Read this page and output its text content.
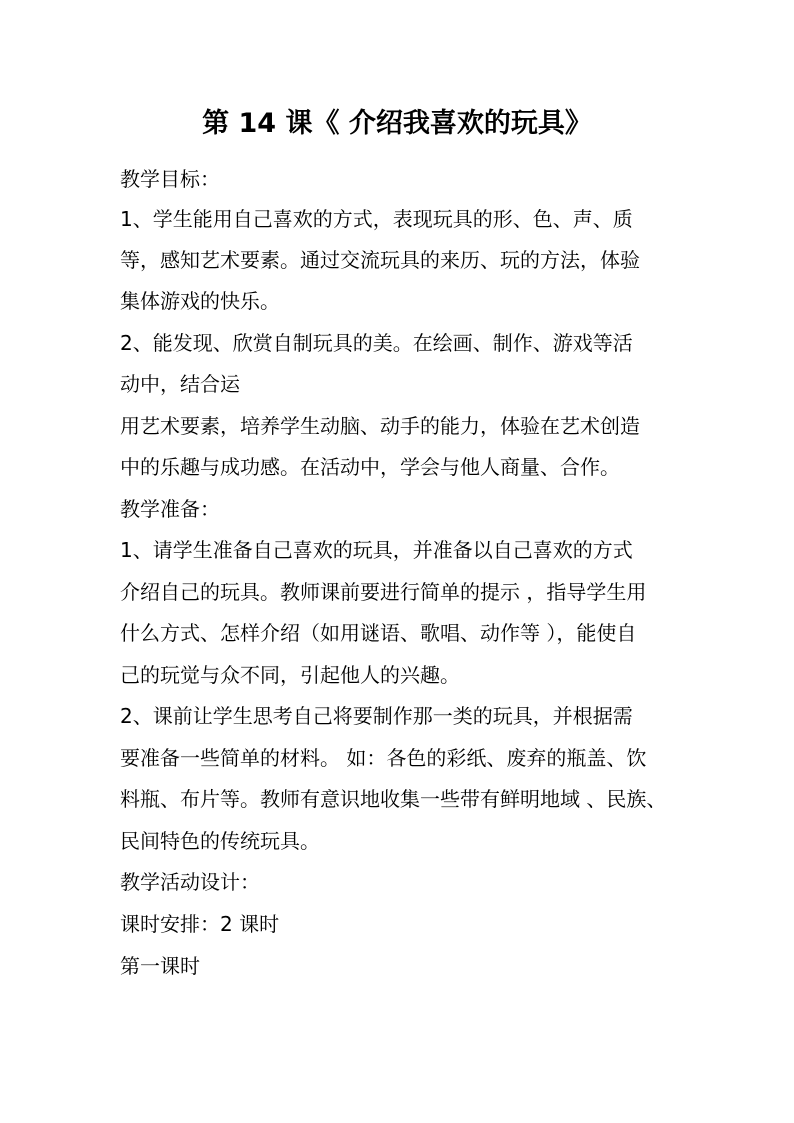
第 14 课《 介绍我喜欢的玩具》
教学目标：
1、学生能用自己喜欢的方式，表现玩具的形、色、声、质
等，感知艺术要素。通过交流玩具的来历、玩的方法，体验
集体游戏的快乐。
2、能发现、欣赏自制玩具的美。在绘画、制作、游戏等活
动中，结合运
用艺术要素，培养学生动脑、动手的能力，体验在艺术创造
中的乐趣与成功感。在活动中，学会与他人商量、合作。
教学准备：
1、请学生准备自己喜欢的玩具，并准备以自己喜欢的方式
介绍自己的玩具。教师课前要进行简单的提示 ，指导学生用
什么方式、怎样介绍（如用谜语、歌唱、动作等 ），能使自
己的玩觉与众不同，引起他人的兴趣。
2、课前让学生思考自己将要制作那一类的玩具，并根据需
要准备一些简单的材料。 如：各色的彩纸、废弃的瓶盖、饮
料瓶、布片等。教师有意识地收集一些带有鲜明地域 、民族、
民间特色的传统玩具。
教学活动设计：
课时安排：2 课时
第一课时
